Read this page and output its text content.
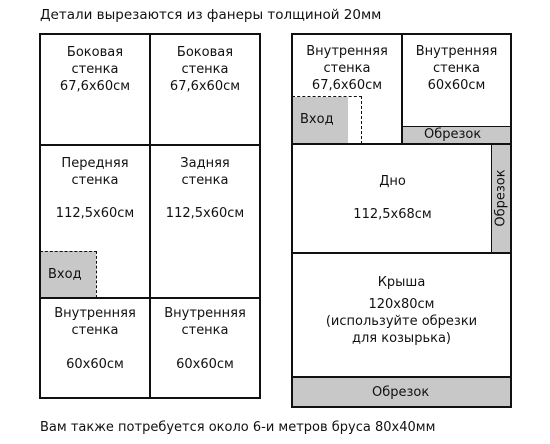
Детали вырезаются из фанеры толщиной 20мм
Вход
Боковая
стенка
67,6х60см
Боковая
стенка
67,6х60см
Передняя
стенка
112,5х60см
Задняя
стенка
112,5х60см
Внутренняя
стенка
60х60см
Внутренняя
стенка
60х60см
Обрезок
Вход
Внутренняя
стенка
67,6х60см
Внутренняя
стенка
60х60см
Обрезок
Дно
112,5х68см
Крыша
120х80см
(используйте обрезки
для козырька)
Обрезок
Вам также потребуется около 6-и метров бруса 80х40мм
